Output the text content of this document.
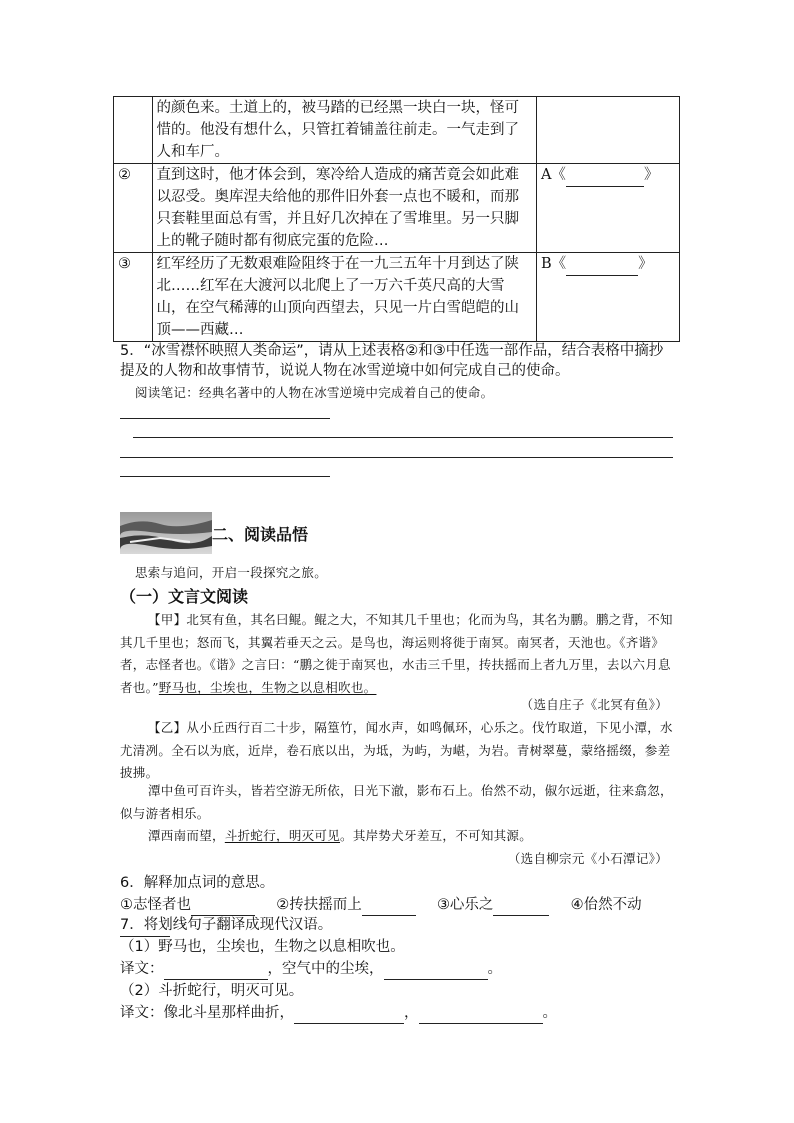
	的颜色来。土道上的，被马踏的已经黑一块白一块，怪可惜的。他没有想什么，只管扛着铺盖往前走。一气走到了人和车厂。	
②	直到这时，他才体会到，寒冷给人造成的痛苦竟会如此难以忍受。奥库涅夫给他的那件旧外套一点也不暖和，而那只套鞋里面总有雪，并且好几次掉在了雪堆里。另一只脚上的靴子随时都有彻底完蛋的危险…	A《 》
③	红军经历了无数艰难险阻终于在一九三五年十月到达了陕北……红军在大渡河以北爬上了一万六千英尺高的大雪山，在空气稀薄的山顶向西望去，只见一片白雪皑皑的山顶——西藏…	B《 》
5．“冰雪襟怀映照人类命运”，请从上述表格②和③中任选一部作品，结合表格中摘抄提及的人物和故事情节，说说人物在冰雪逆境中如何完成自己的使命。
阅读笔记：经典名著中的人物在冰雪逆境中完成着自己的使命。
二、阅读品悟
思索与追问，开启一段探究之旅。
（一）文言文阅读
【甲】北冥有鱼，其名曰鲲。鲲之大，不知其几千里也；化而为鸟，其名为鹏。鹏之背，不知其几千里也；怒而飞，其翼若垂天之云。是鸟也，海运则将徙于南冥。南冥者，天池也。《齐谐》者，志怪者也。《谐》之言曰：“鹏之徙于南冥也，水击三千里，抟扶摇而上者九万里，去以六月息者也。”野马也，尘埃也，生物之以息相吹也。
（选自庄子《北冥有鱼》）
【乙】从小丘西行百二十步，隔篁竹，闻水声，如鸣佩环，心乐之。伐竹取道，下见小潭，水尤清冽。全石以为底，近岸，卷石底以出，为坻，为屿，为嵁，为岩。青树翠蔓，蒙络摇缀，参差披拂。
潭中鱼可百许头，皆若空游无所依，日光下澈，影布石上。佁然不动，俶尔远逝，往来翕忽，似与游者相乐。
潭西南而望，斗折蛇行，明灭可见。其岸势犬牙差互，不可知其源。
（选自柳宗元《小石潭记》）
6．解释加点词的意思。
①志怪者也	②抟扶摇而上	③心乐之	④佁然不动
7．将划线句子翻译成现代汉语。
（1）野马也，尘埃也，生物之以息相吹也。
译文：	，空气中的尘埃，	。
（2）斗折蛇行，明灭可见。
译文：像北斗星那样曲折，	，	。
